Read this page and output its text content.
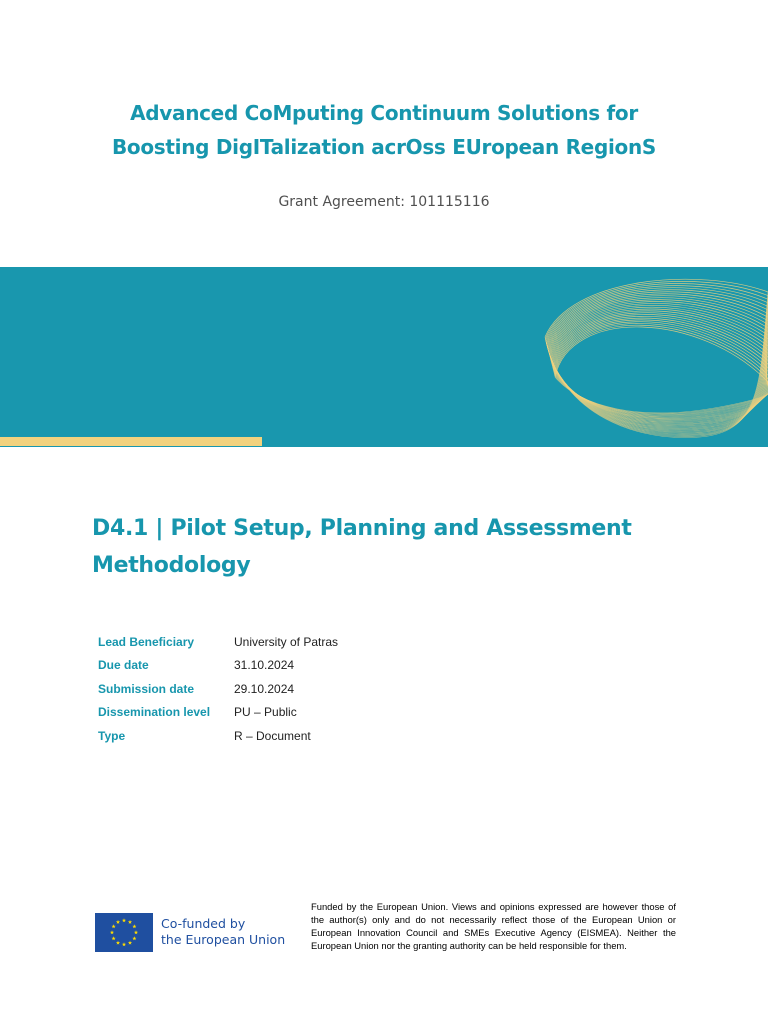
Advanced CoMputing Continuum Solutions for
Boosting DigITalization acrOss EUropean RegionS
Grant Agreement: 101115116
D4.1 | Pilot Setup, Planning and Assessment
Methodology
Lead Beneficiary	University of Patras
Due date	31.10.2024
Submission date	29.10.2024
Dissemination level	PU – Public
Type	R – Document
Co-funded by
the European Union
Funded by the European Union. Views and opinions expressed are however those of the author(s) only and do not necessarily reflect those of the European Union or European Innovation Council and SMEs Executive Agency (EISMEA). Neither the European Union nor the granting authority can be held responsible for them.
